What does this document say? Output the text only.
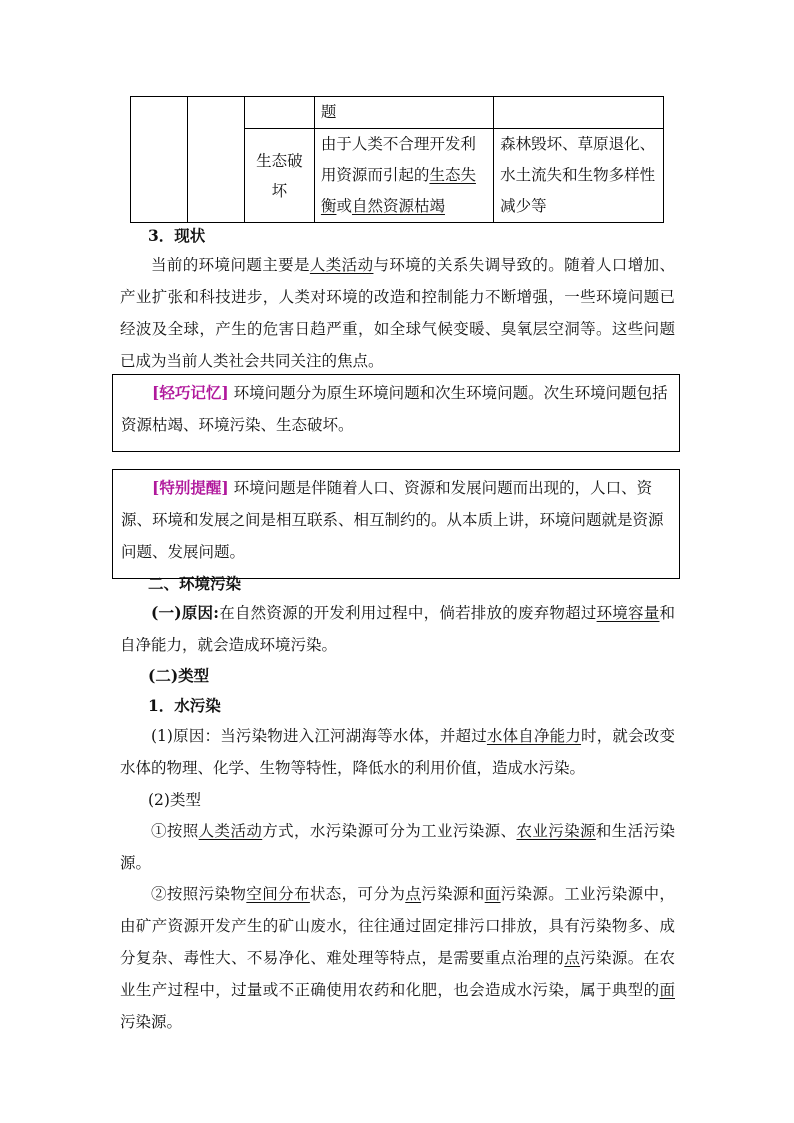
			题	
		生态破坏	由于人类不合理开发利用资源而引起的生态失衡或自然资源枯竭	森林毁坏、草原退化、水土流失和生物多样性减少等
3．现状
当前的环境问题主要是人类活动与环境的关系失调导致的。随着人口增加、产业扩张和科技进步，人类对环境的改造和控制能力不断增强，一些环境问题已经波及全球，产生的危害日趋严重，如全球气候变暖、臭氧层空洞等。这些问题已成为当前人类社会共同关注的焦点。
[轻巧记忆] 环境问题分为原生环境问题和次生环境问题。次生环境问题包括资源枯竭、环境污染、生态破坏。
[特别提醒] 环境问题是伴随着人口、资源和发展问题而出现的，人口、资源、环境和发展之间是相互联系、相互制约的。从本质上讲，环境问题就是资源问题、发展问题。
二、环境污染
(一)原因:在自然资源的开发利用过程中，倘若排放的废弃物超过环境容量和自净能力，就会造成环境污染。
(二)类型
1．水污染
(1)原因：当污染物进入江河湖海等水体，并超过水体自净能力时，就会改变水体的物理、化学、生物等特性，降低水的利用价值，造成水污染。
(2)类型
①按照人类活动方式，水污染源可分为工业污染源、农业污染源和生活污染源。
②按照污染物空间分布状态，可分为点污染源和面污染源。工业污染源中，由矿产资源开发产生的矿山废水，往往通过固定排污口排放，具有污染物多、成分复杂、毒性大、不易净化、难处理等特点，是需要重点治理的点污染源。在农业生产过程中，过量或不正确使用农药和化肥，也会造成水污染，属于典型的面污染源。
